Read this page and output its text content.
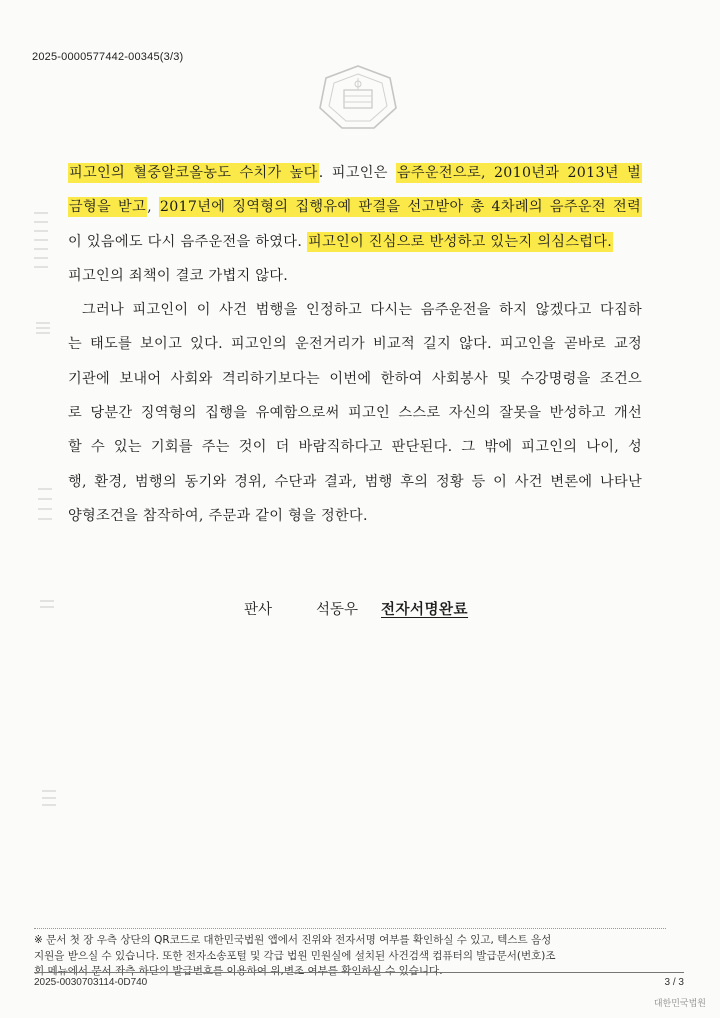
2025-0000577442-00345(3/3)
피고인의 혈중알코올농도 수치가 높다. 피고인은 음주운전으로, 2010년과 2013년 벌
금형을 받고, 2017년에 징역형의 집행유예 판결을 선고받아 총 4차례의 음주운전 전력
이 있음에도 다시 음주운전을 하였다. 피고인이 진심으로 반성하고 있는지 의심스럽다.
피고인의 죄책이 결코 가볍지 않다.
그러나 피고인이 이 사건 범행을 인정하고 다시는 음주운전을 하지 않겠다고 다짐하
는 태도를 보이고 있다. 피고인의 운전거리가 비교적 길지 않다. 피고인을 곧바로 교정
기관에 보내어 사회와 격리하기보다는 이번에 한하여 사회봉사 및 수강명령을 조건으
로 당분간 징역형의 집행을 유예함으로써 피고인 스스로 자신의 잘못을 반성하고 개선
할 수 있는 기회를 주는 것이 더 바람직하다고 판단된다. 그 밖에 피고인의 나이, 성
행, 환경, 범행의 동기와 경위, 수단과 결과, 범행 후의 정황 등 이 사건 변론에 나타난
양형조건을 참작하여, 주문과 같이 형을 정한다.
판사	석동우 전자서명완료
※ 문서 첫 장 우측 상단의 QR코드로 대한민국법원 앱에서 진위와 전자서명 여부를 확인하실 수 있고, 텍스트 음성
지원을 받으실 수 있습니다. 또한 전자소송포털 및 각급 법원 민원실에 설치된 사건검색 컴퓨터의 발급문서(번호)조
회 메뉴에서 문서 좌측 하단의 발급번호를 이용하여 위,변조 여부를 확인하실 수 있습니다.
2025-0030703114-0D740	3 / 3
대한민국법원
